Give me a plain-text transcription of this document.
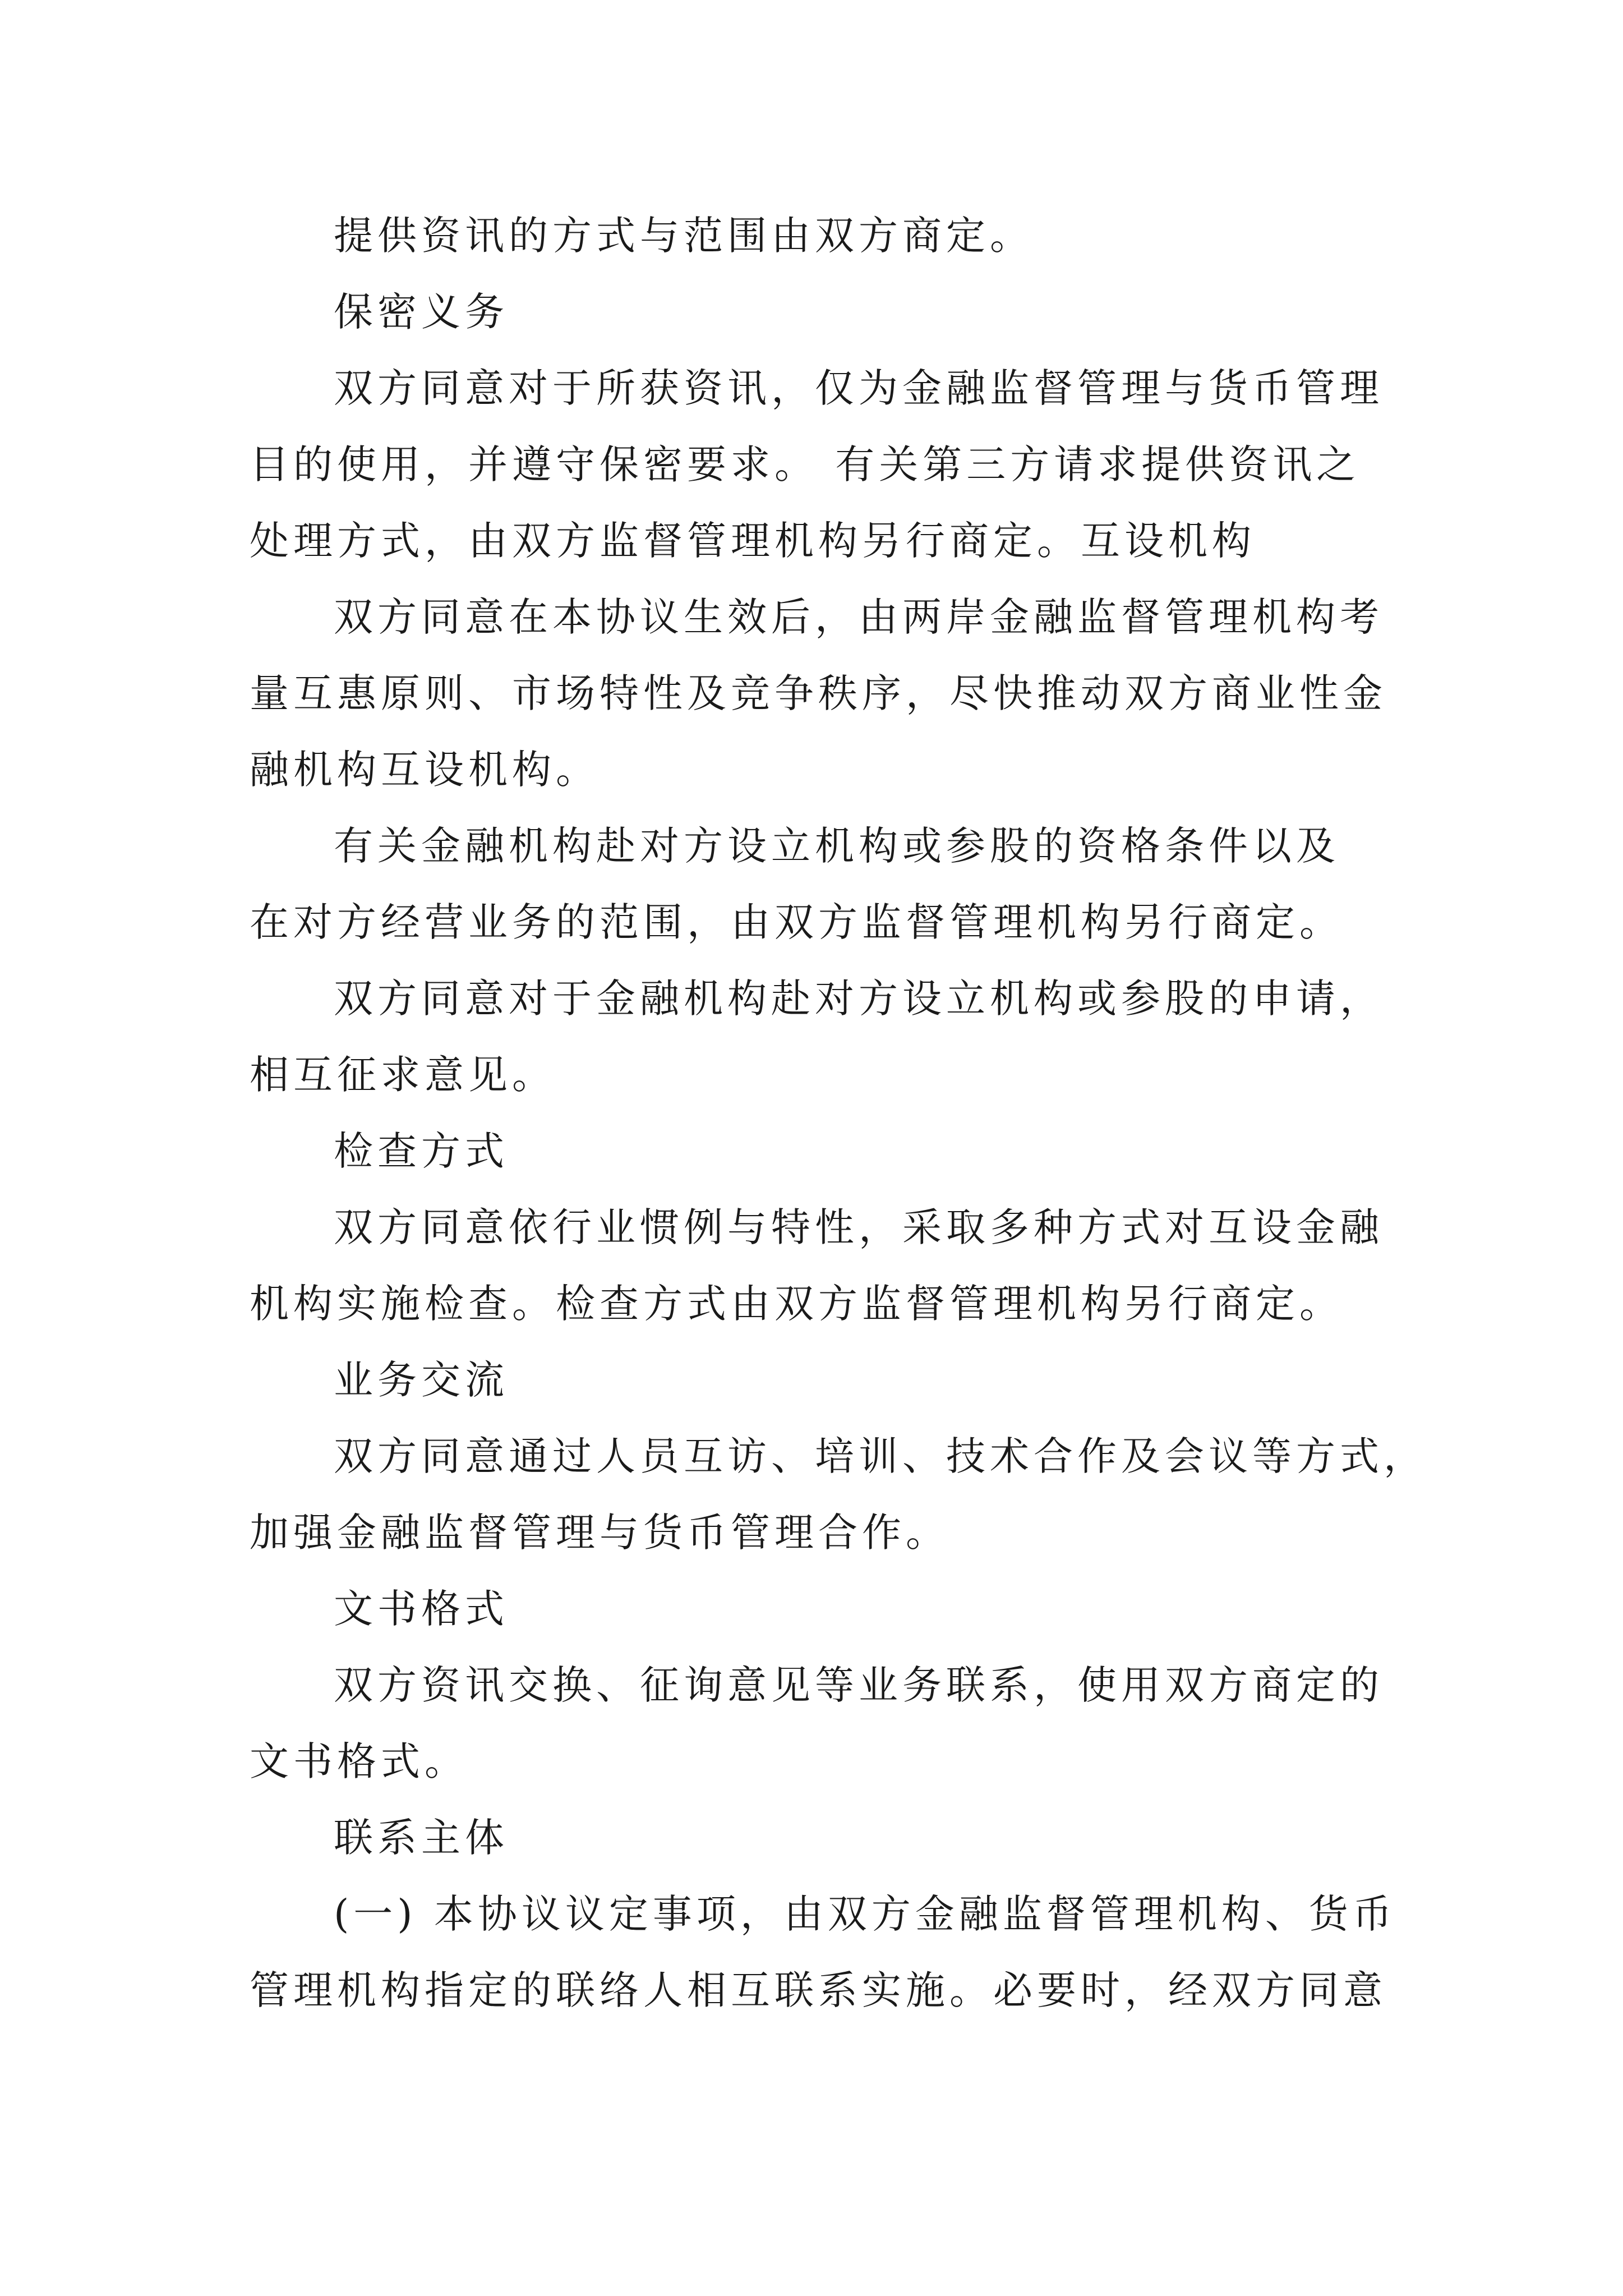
提供资讯的方式与范围由双方商定。
保密义务
双方同意对于所获资讯，仅为金融监督管理与货币管理
目的使用，并遵守保密要求。 有关第三方请求提供资讯之
处理方式，由双方监督管理机构另行商定。互设机构
双方同意在本协议生效后，由两岸金融监督管理机构考
量互惠原则、市场特性及竞争秩序，尽快推动双方商业性金
融机构互设机构。
有关金融机构赴对方设立机构或参股的资格条件以及
在对方经营业务的范围，由双方监督管理机构另行商定。
双方同意对于金融机构赴对方设立机构或参股的申请，
相互征求意见。
检查方式
双方同意依行业惯例与特性，采取多种方式对互设金融
机构实施检查。检查方式由双方监督管理机构另行商定。
业务交流
双方同意通过人员互访、培训、技术合作及会议等方式，
加强金融监督管理与货币管理合作。
文书格式
双方资讯交换、征询意见等业务联系，使用双方商定的
文书格式。
联系主体
(一) 本协议议定事项，由双方金融监督管理机构、货币
管理机构指定的联络人相互联系实施。必要时，经双方同意
